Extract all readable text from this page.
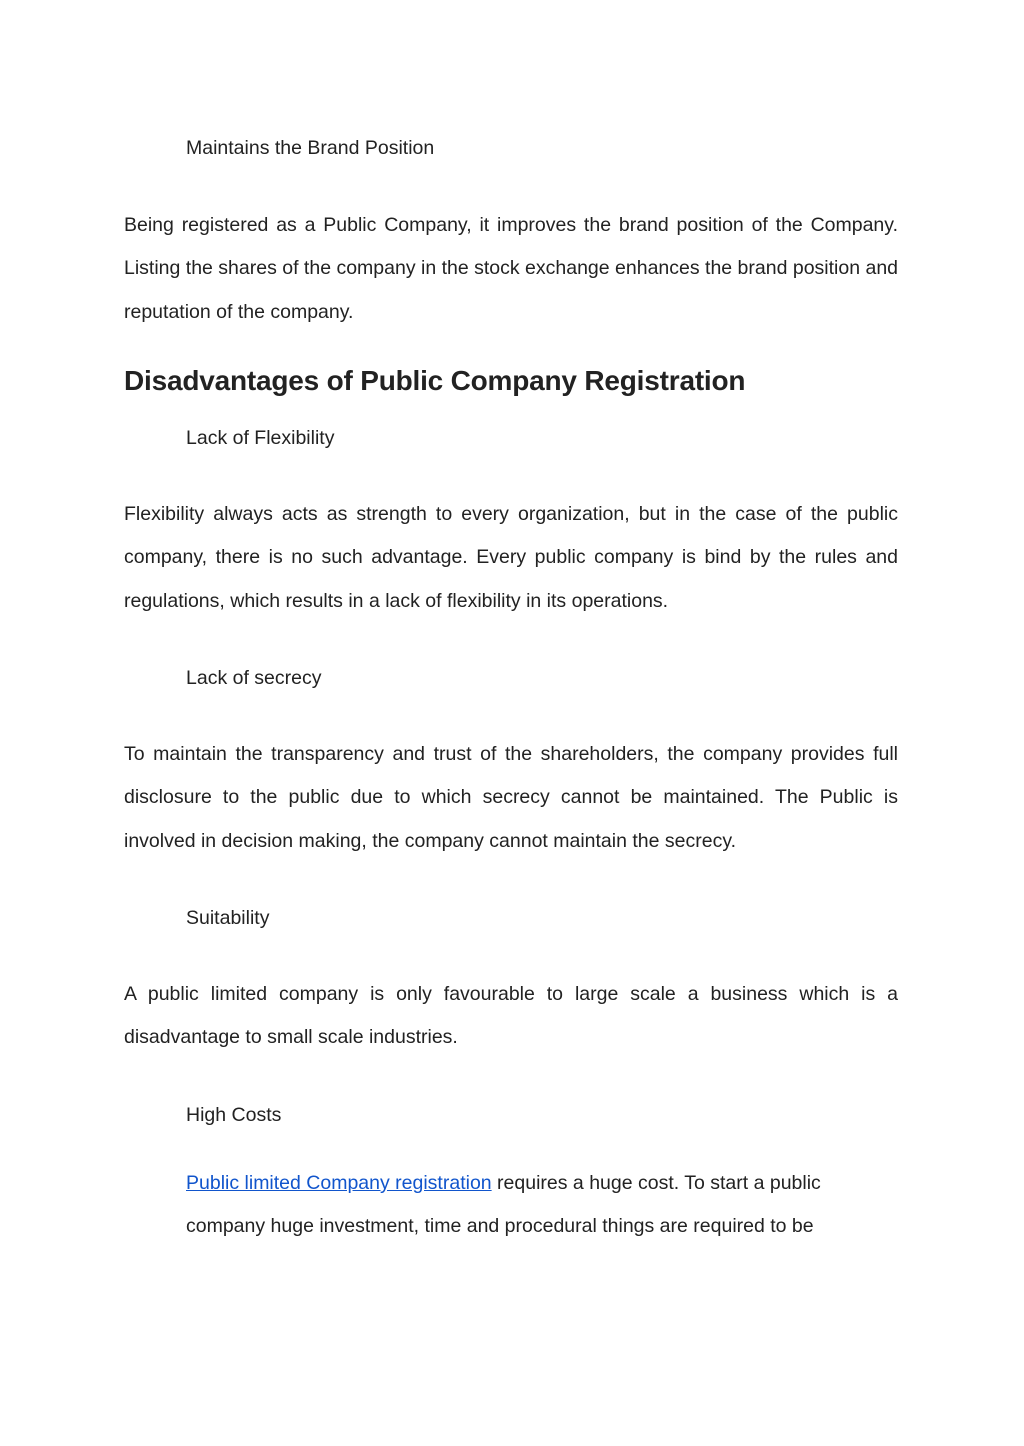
Maintains the Brand Position
Being registered as a Public Company, it improves the brand position of the Company. Listing the shares of the company in the stock exchange enhances the brand position and reputation of the company.
Disadvantages of Public Company Registration
Lack of Flexibility
Flexibility always acts as strength to every organization, but in the case of the public company, there is no such advantage. Every public company is bind by the rules and regulations, which results in a lack of flexibility in its operations.
Lack of secrecy
To maintain the transparency and trust of the shareholders, the company provides full disclosure to the public due to which secrecy cannot be maintained. The Public is involved in decision making, the company cannot maintain the secrecy.
Suitability
A public limited company is only favourable to large scale a business which is a disadvantage to small scale industries.
High Costs
Public limited Company registration requires a huge cost. To start a public company huge investment, time and procedural things are required to be
